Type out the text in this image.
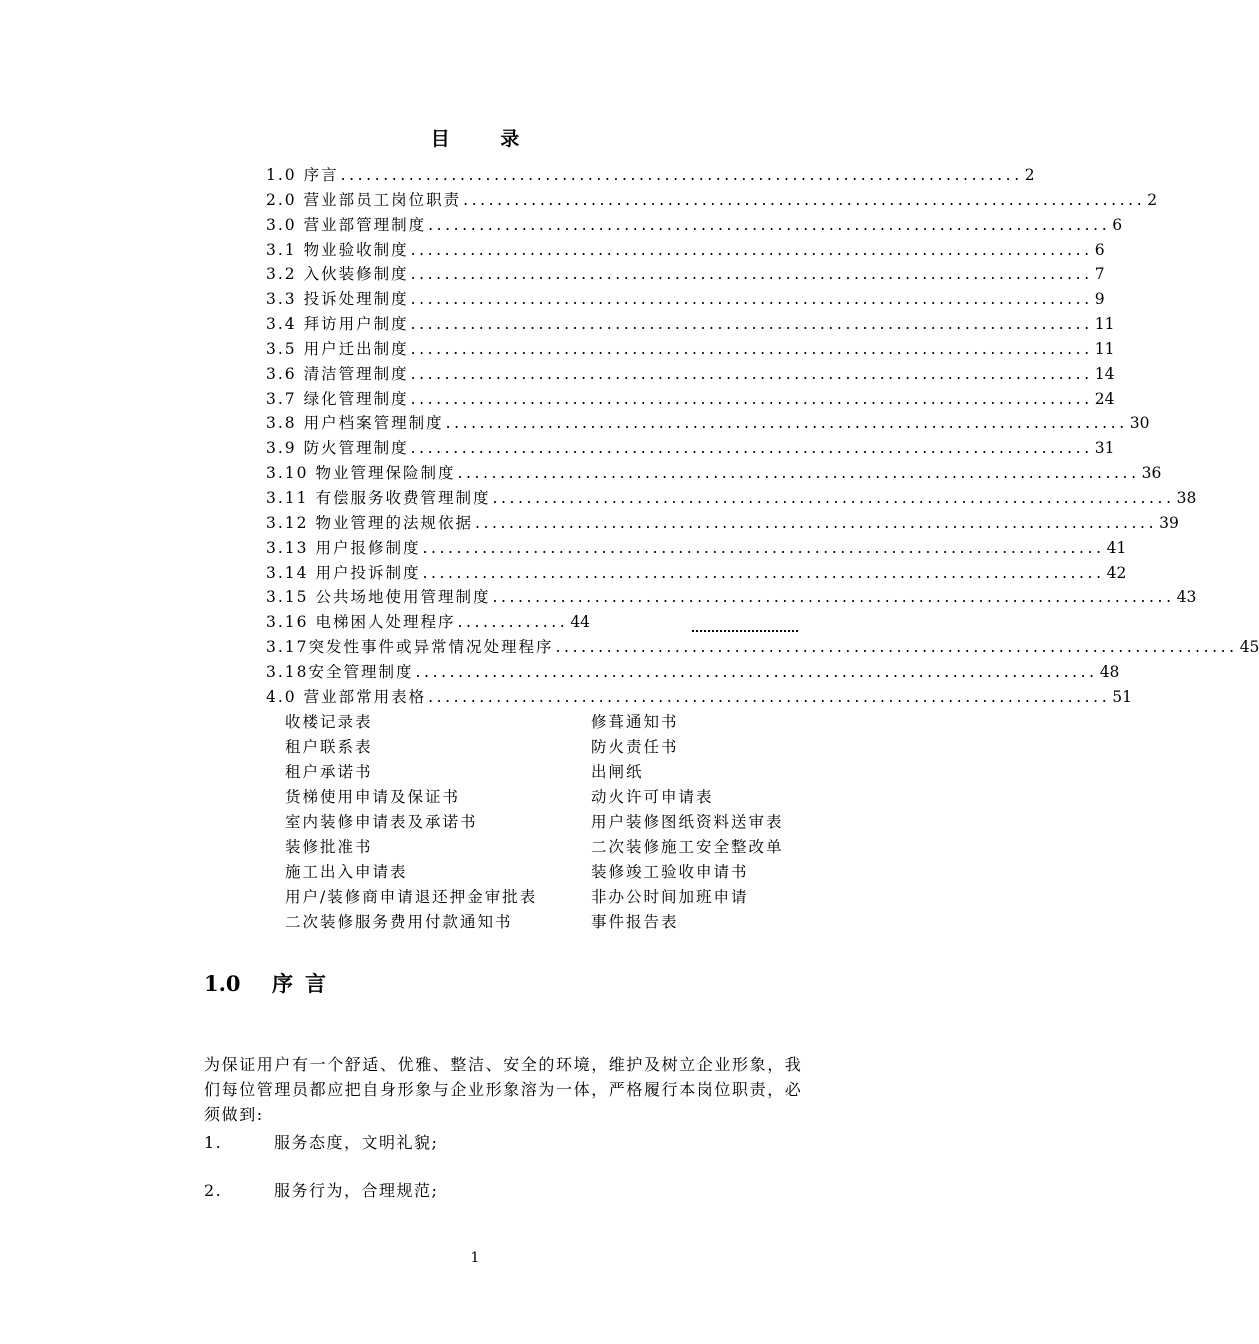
目 录
1.0 序言 ................................................................................ 2
2.0 营业部员工岗位职责 ................................................................................ 2
3.0 营业部管理制度 ................................................................................ 6
3.1 物业验收制度 ................................................................................ 6
3.2 入伙装修制度 ................................................................................ 7
3.3 投诉处理制度 ................................................................................ 9
3.4 拜访用户制度 ................................................................................ 11
3.5 用户迁出制度 ................................................................................ 11
3.6 清洁管理制度 ................................................................................ 14
3.7 绿化管理制度 ................................................................................ 24
3.8 用户档案管理制度 ................................................................................ 30
3.9 防火管理制度 ................................................................................ 31
3.10 物业管理保险制度 ................................................................................ 36
3.11 有偿服务收费管理制度 ................................................................................ 38
3.12 物业管理的法规依据 ................................................................................ 39
3.13 用户报修制度 ................................................................................ 41
3.14 用户投诉制度 ................................................................................ 42
3.15 公共场地使用管理制度 ................................................................................ 43
3.16 电梯困人处理程序 ............. 44
3.17突发性事件或异常情况处理程序 ................................................................................ 45
3.18安全管理制度 ................................................................................ 48
4.0 营业部常用表格 ................................................................................ 51
收楼记录表	修葺通知书
租户联系表	防火责任书
租户承诺书	出闸纸
货梯使用申请及保证书	动火许可申请表
室内装修申请表及承诺书	用户装修图纸资料送审表
装修批准书	二次装修施工安全整改单
施工出入申请表	装修竣工验收申请书
用户/装修商申请退还押金审批表	非办公时间加班申请
二次装修服务费用付款通知书	事件报告表
1.0 序言
为保证用户有一个舒适、优雅、整洁、安全的环境，维护及树立企业形象，我们每位管理员都应把自身形象与企业形象溶为一体，严格履行本岗位职责，必须做到:
1.	服务态度，文明礼貌;
2.	服务行为，合理规范;
1
